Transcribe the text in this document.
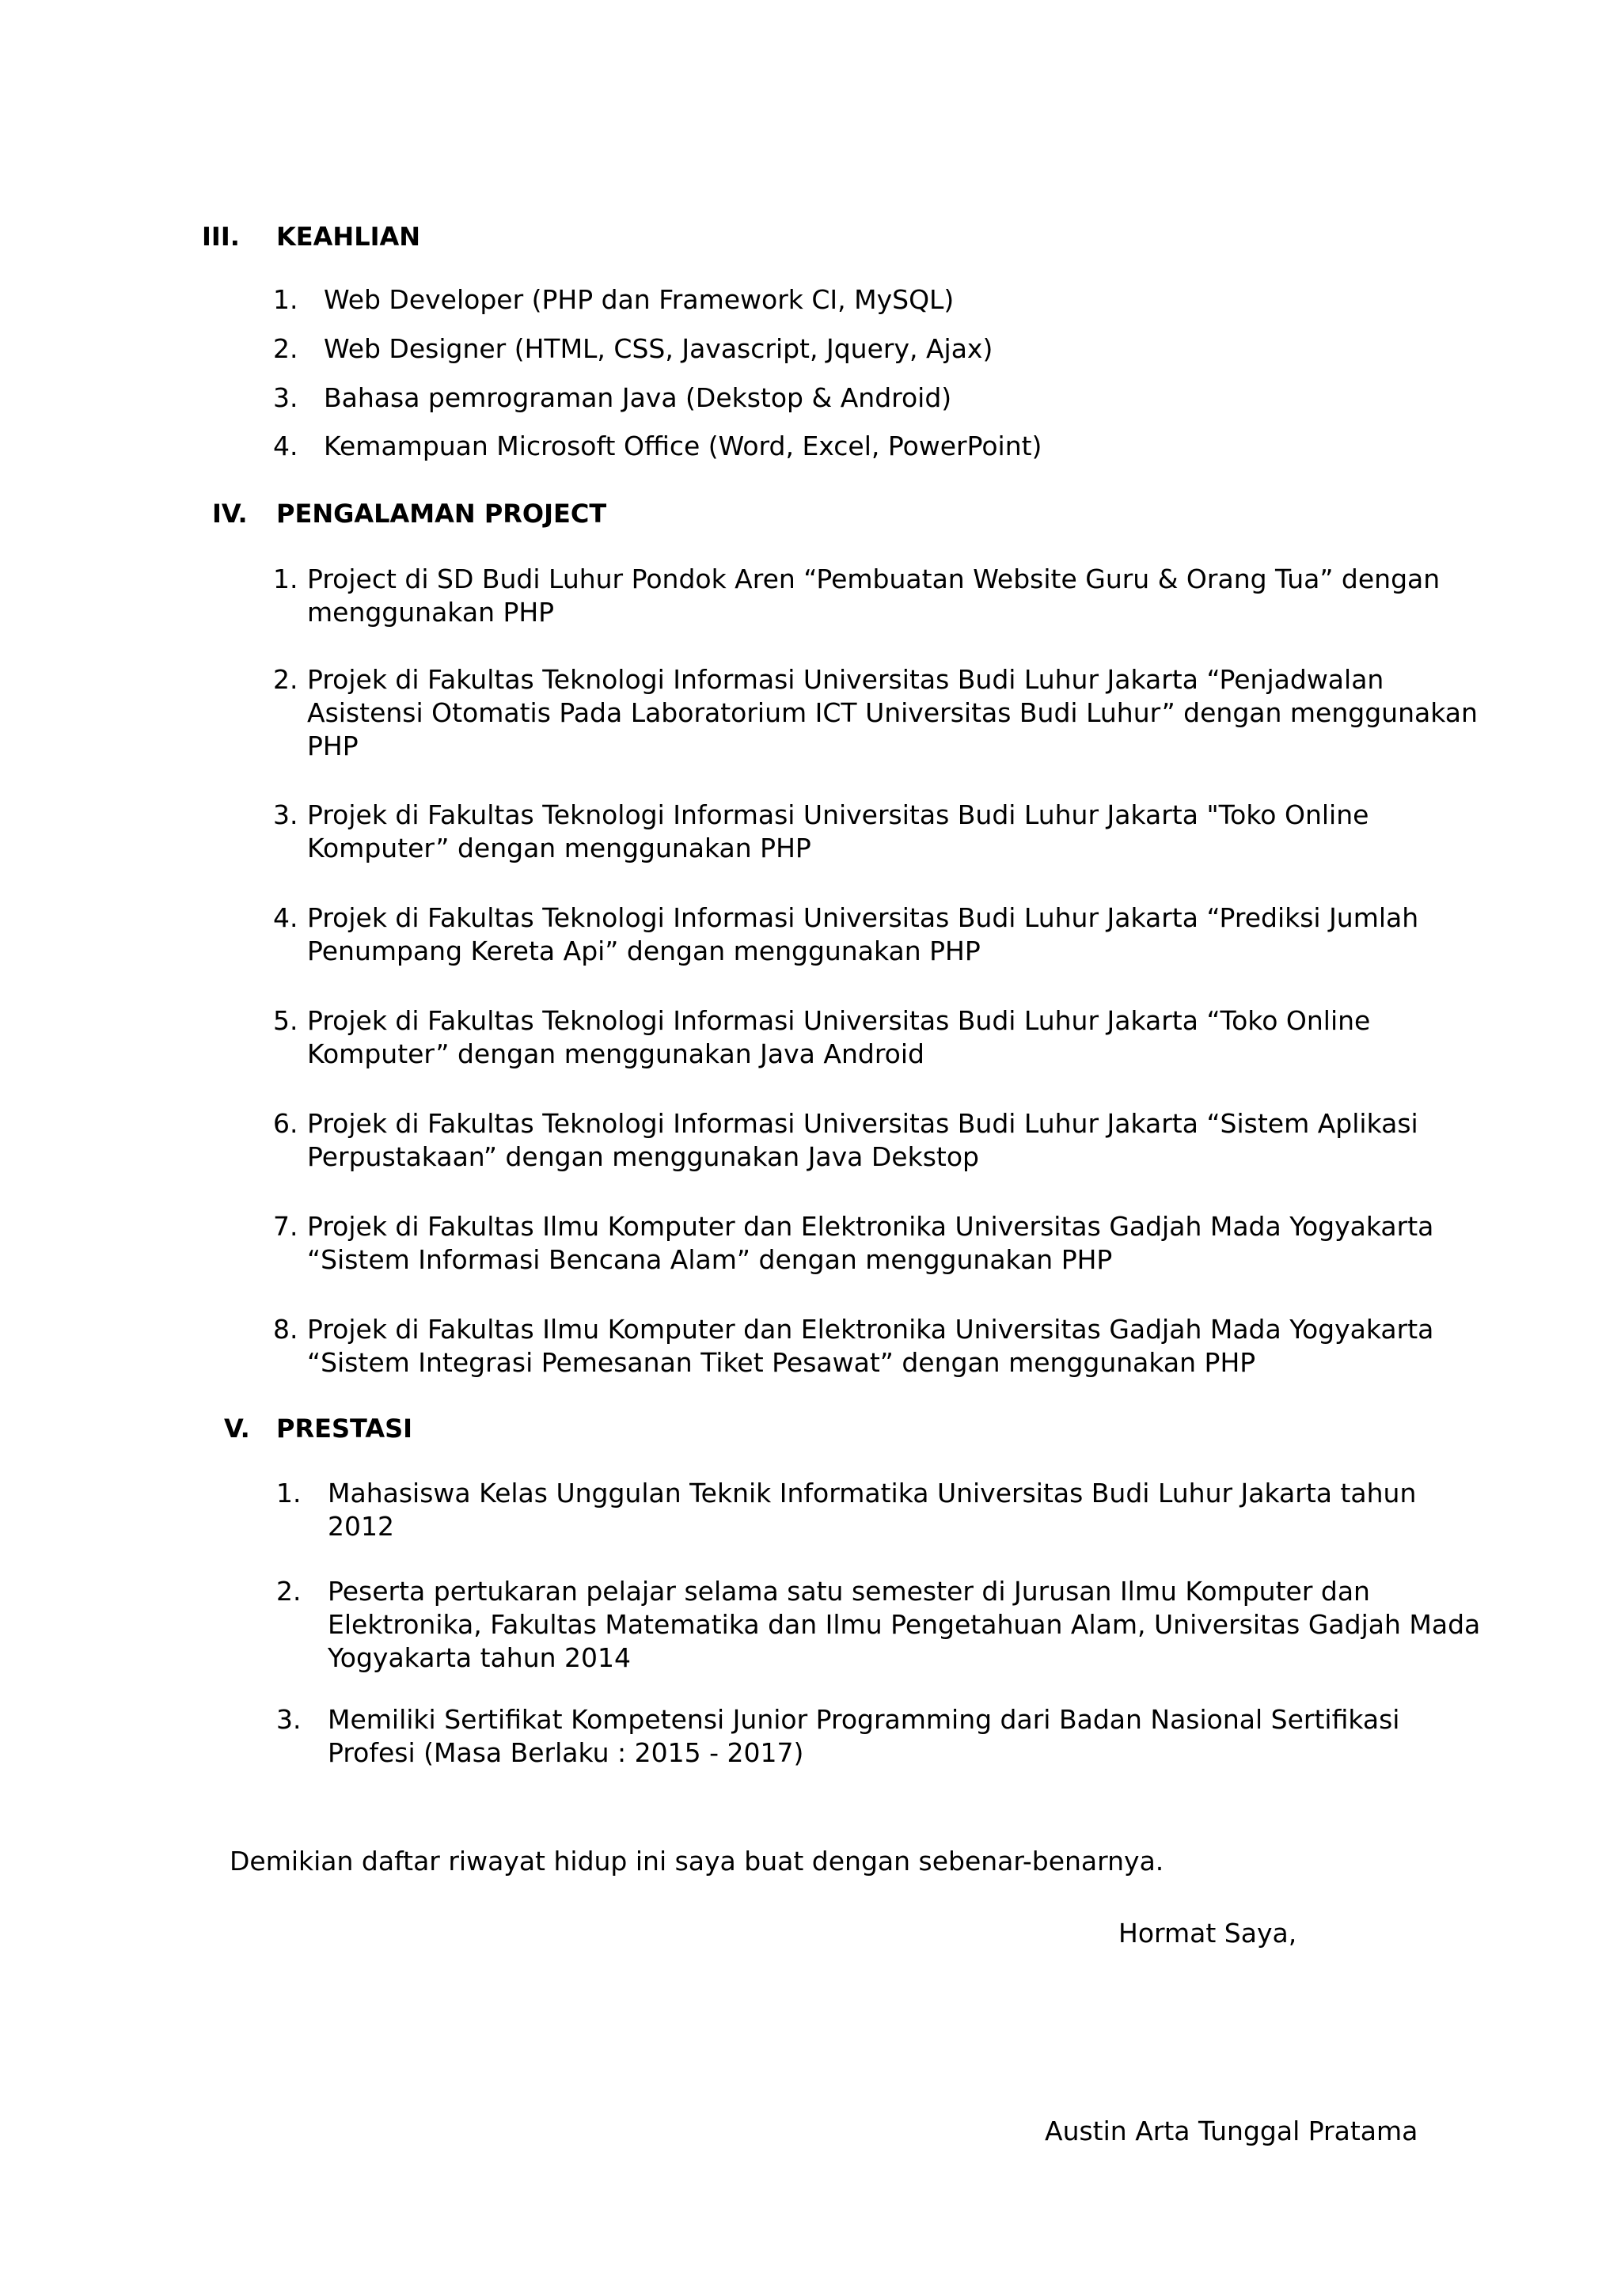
III. KEAHLIAN
1. Web Developer (PHP dan Framework CI, MySQL)
2. Web Designer (HTML, CSS, Javascript, Jquery, Ajax)
3. Bahasa pemrograman Java (Dekstop & Android)
4. Kemampuan Microsoft Office (Word, Excel, PowerPoint)
IV. PENGALAMAN PROJECT
1. Project di SD Budi Luhur Pondok Aren “Pembuatan Website Guru & Orang Tua” dengan
menggunakan PHP
2. Projek di Fakultas Teknologi Informasi Universitas Budi Luhur Jakarta “Penjadwalan
Asistensi Otomatis Pada Laboratorium ICT Universitas Budi Luhur” dengan menggunakan
PHP
3. Projek di Fakultas Teknologi Informasi Universitas Budi Luhur Jakarta "Toko Online
Komputer” dengan menggunakan PHP
4. Projek di Fakultas Teknologi Informasi Universitas Budi Luhur Jakarta “Prediksi Jumlah
Penumpang Kereta Api” dengan menggunakan PHP
5. Projek di Fakultas Teknologi Informasi Universitas Budi Luhur Jakarta “Toko Online
Komputer” dengan menggunakan Java Android
6. Projek di Fakultas Teknologi Informasi Universitas Budi Luhur Jakarta “Sistem Aplikasi
Perpustakaan” dengan menggunakan Java Dekstop
7. Projek di Fakultas Ilmu Komputer dan Elektronika Universitas Gadjah Mada Yogyakarta
“Sistem Informasi Bencana Alam” dengan menggunakan PHP
8. Projek di Fakultas Ilmu Komputer dan Elektronika Universitas Gadjah Mada Yogyakarta
“Sistem Integrasi Pemesanan Tiket Pesawat” dengan menggunakan PHP
V. PRESTASI
1. Mahasiswa Kelas Unggulan Teknik Informatika Universitas Budi Luhur Jakarta tahun
2012
2. Peserta pertukaran pelajar selama satu semester di Jurusan Ilmu Komputer dan
Elektronika, Fakultas Matematika dan Ilmu Pengetahuan Alam, Universitas Gadjah Mada
Yogyakarta tahun 2014
3. Memiliki Sertifikat Kompetensi Junior Programming dari Badan Nasional Sertifikasi
Profesi (Masa Berlaku : 2015 - 2017)
Demikian daftar riwayat hidup ini saya buat dengan sebenar-benarnya.
Hormat Saya,
Austin Arta Tunggal Pratama
